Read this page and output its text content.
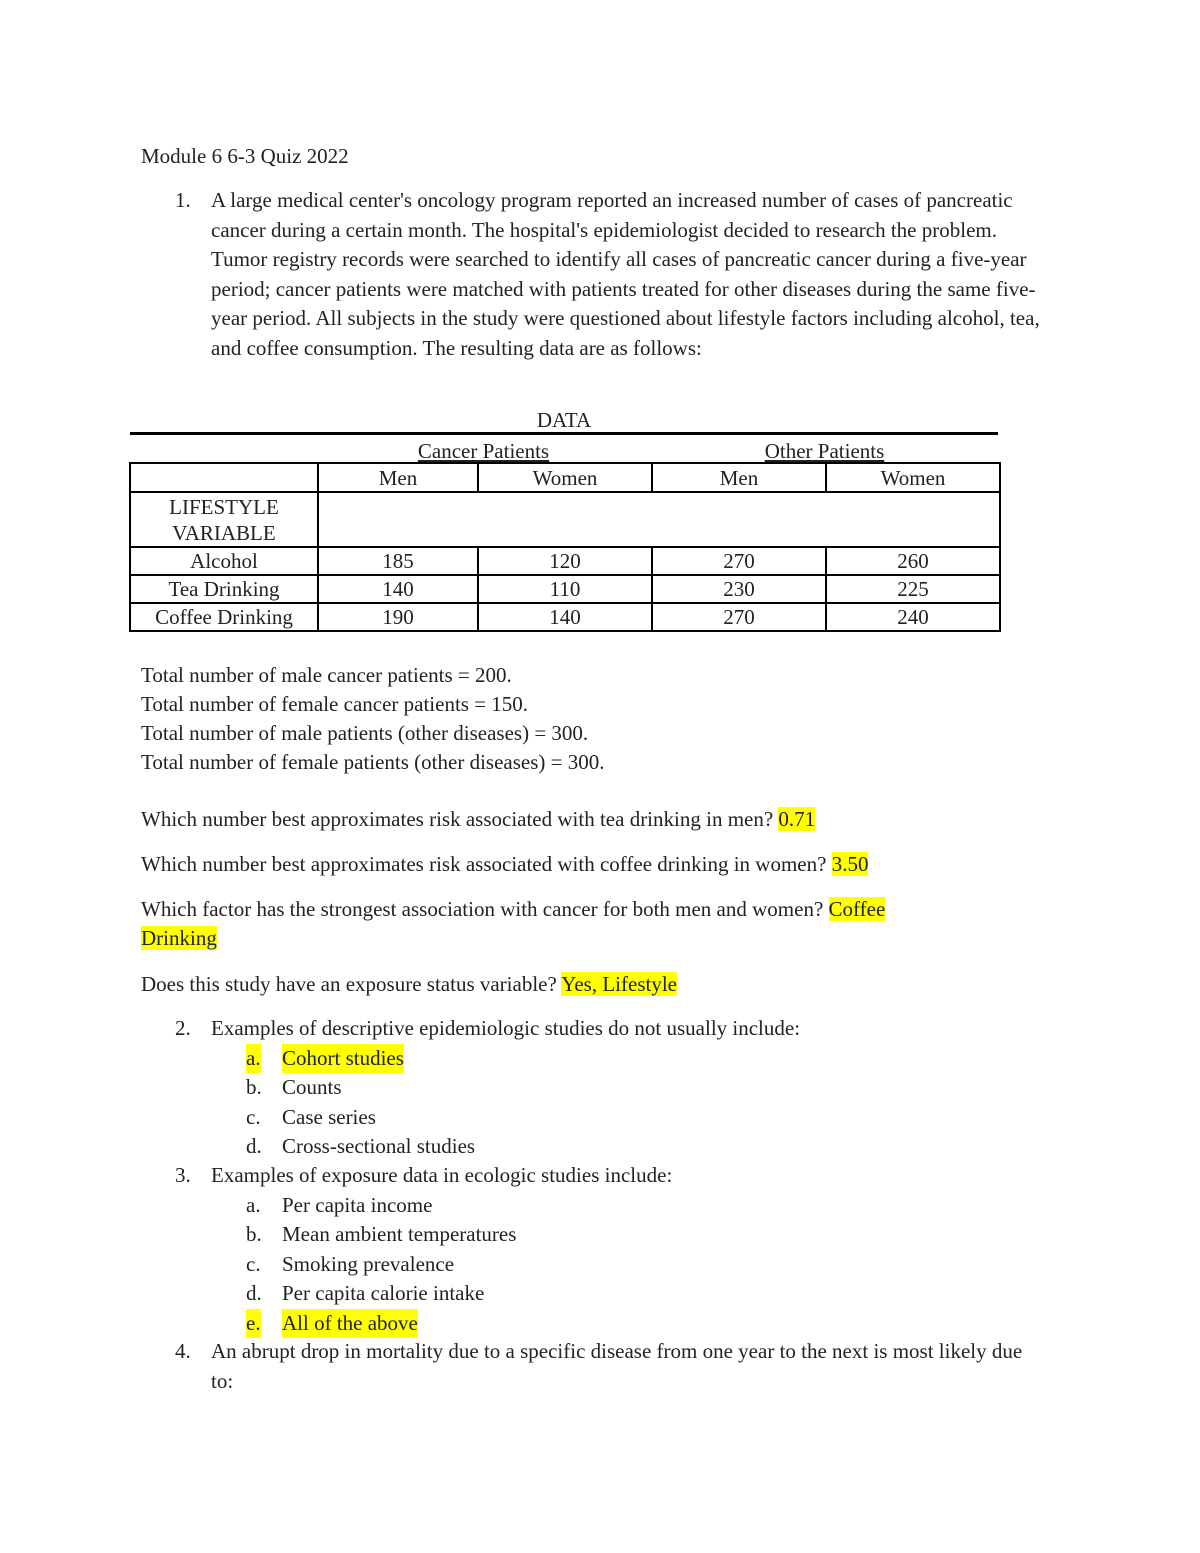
Module 6 6-3 Quiz 2022
1. A large medical center's oncology program reported an increased number of cases of pancreatic cancer during a certain month. The hospital's epidemiologist decided to research the problem. Tumor registry records were searched to identify all cases of pancreatic cancer during a five-year period; cancer patients were matched with patients treated for other diseases during the same five-year period. All subjects in the study were questioned about lifestyle factors including alcohol, tea, and coffee consumption. The resulting data are as follows:
DATA
Cancer Patients	Other Patients
	Men	Women	Men	Women
LIFESTYLE VARIABLE				
Alcohol	185	120	270	260
Tea Drinking	140	110	230	225
Coffee Drinking	190	140	270	240
Total number of male cancer patients = 200.
Total number of female cancer patients = 150.
Total number of male patients (other diseases) = 300.
Total number of female patients (other diseases) = 300.
Which number best approximates risk associated with tea drinking in men? 0.71
Which number best approximates risk associated with coffee drinking in women? 3.50
Which factor has the strongest association with cancer for both men and women? Coffee
Drinking
Does this study have an exposure status variable? Yes, Lifestyle
2. Examples of descriptive epidemiologic studies do not usually include:
a. Cohort studies
b. Counts
c. Case series
d. Cross-sectional studies
3. Examples of exposure data in ecologic studies include:
a. Per capita income
b. Mean ambient temperatures
c. Smoking prevalence
d. Per capita calorie intake
e. All of the above
4. An abrupt drop in mortality due to a specific disease from one year to the next is most likely due to:
